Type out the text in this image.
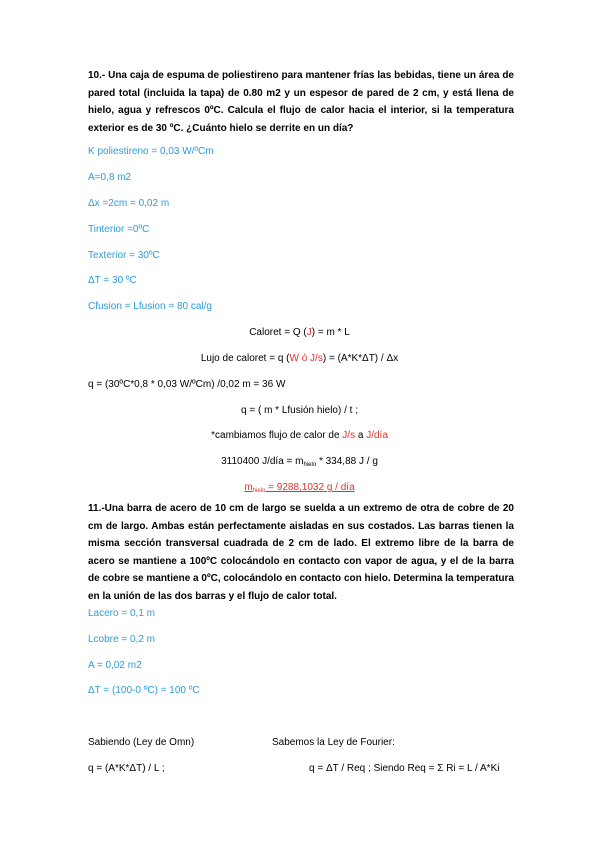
10.- Una caja de espuma de poliestireno para mantener frías las bebidas, tiene un área de pared total (incluida la tapa) de 0.80 m2 y un espesor de pared de 2 cm, y está llena de hielo, agua y refrescos 0ºC. Calcula el flujo de calor hacia el interior, si la temperatura exterior es de 30 ºC. ¿Cuánto hielo se derrite en un día?
K poliestireno = 0,03 W/ºCm
A=0,8 m2
Δx =2cm = 0,02 m
Tinterior =0ºC
Texterior = 30ºC
ΔT = 30 ºC
Cfusion = Lfusion = 80 cal/g
Caloret = Q (J) = m * L
Lujo de caloret = q (W ó J/s) = (A*K*ΔT) / Δx
q = (30ºC*0,8 * 0,03 W/ºCm) /0,02 m = 36 W
q = ( m * Lfusión hielo) / t ;
*cambiamos flujo de calor de J/s a J/día
3110400 J/día = $m_{hielo} * 334,88$ J / g
$m_{hielo} = 9288,1032$ g / día
11.-Una barra de acero de 10 cm de largo se suelda a un extremo de otra de cobre de 20 cm de largo. Ambas están perfectamente aisladas en sus costados. Las barras tienen la misma sección transversal cuadrada de 2 cm de lado. El extremo libre de la barra de acero se mantiene a 100ºC colocándolo en contacto con vapor de agua, y el de la barra de cobre se mantiene a 0ºC, colocándolo en contacto con hielo. Determina la temperatura en la unión de las dos barras y el flujo de calor total.
Lacero = 0,1 m
Lcobre = 0,2 m
A = 0,02 m2
ΔT = (100-0 ºC) = 100 ºC
Sabiendo (Ley de Omn)	Sabemos la Ley de Fourier:
q = (A*K*ΔT) / L ;	q = ΔT / Req ; Siendo Req = Σ Ri = L / A*Ki
